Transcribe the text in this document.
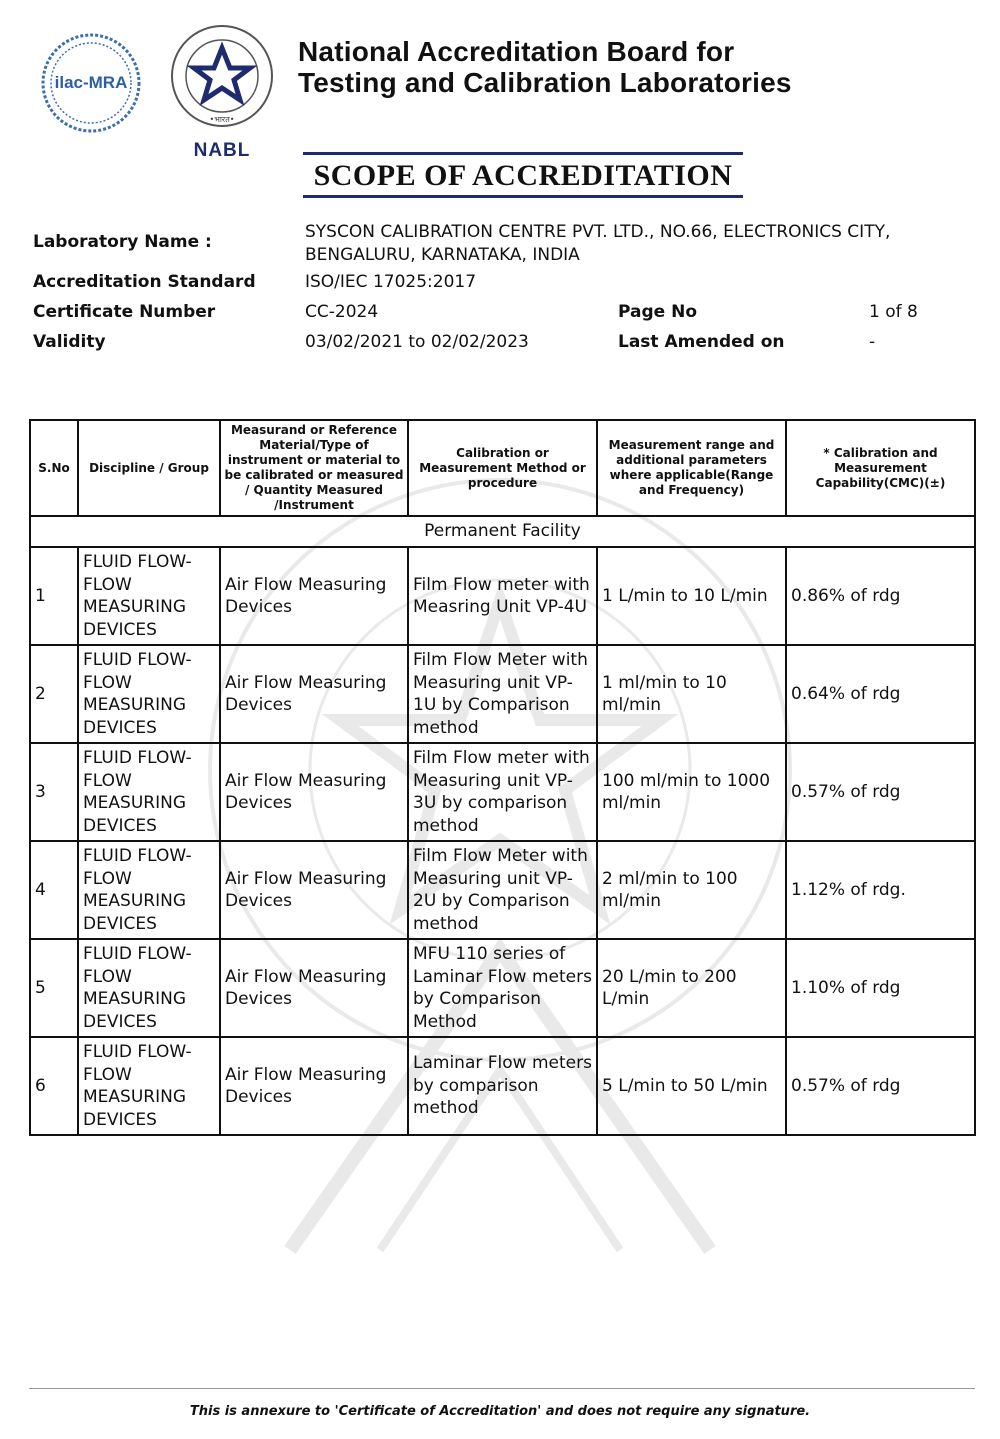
ilac-MRA
•भारत•
NABL
National Accreditation Board for
Testing and Calibration Laboratories
SCOPE OF ACCREDITATION
Laboratory Name :	SYSCON CALIBRATION CENTRE PVT. LTD., NO.66, ELECTRONICS CITY,
BENGALURU, KARNATAKA, INDIA
Accreditation Standard	ISO/IEC 17025:2017
Certificate Number	CC-2024	Page No	1 of 8
Validity	03/02/2021 to 02/02/2023	Last Amended on	-
S.No	Discipline / Group	Measurand or Reference Material/Type of instrument or material to be calibrated or measured / Quantity Measured /Instrument	Calibration or Measurement Method or procedure	Measurement range and additional parameters where applicable(Range and Frequency)	* Calibration and Measurement Capability(CMC)(±)
Permanent Facility					
1	FLUID FLOW- FLOW MEASURING DEVICES	Air Flow Measuring Devices	Film Flow meter with Measring Unit VP-4U	1 L/min to 10 L/min	0.86% of rdg
2	FLUID FLOW- FLOW MEASURING DEVICES	Air Flow Measuring Devices	Film Flow Meter with Measuring unit VP-1U by Comparison method	1 ml/min to 10 ml/min	0.64% of rdg
3	FLUID FLOW- FLOW MEASURING DEVICES	Air Flow Measuring Devices	Film Flow meter with Measuring unit VP-3U by comparison method	100 ml/min to 1000 ml/min	0.57% of rdg
4	FLUID FLOW- FLOW MEASURING DEVICES	Air Flow Measuring Devices	Film Flow Meter with Measuring unit VP-2U by Comparison method	2 ml/min to 100 ml/min	1.12% of rdg.
5	FLUID FLOW- FLOW MEASURING DEVICES	Air Flow Measuring Devices	MFU 110 series of Laminar Flow meters by Comparison Method	20 L/min to 200 L/min	1.10% of rdg
6	FLUID FLOW- FLOW MEASURING DEVICES	Air Flow Measuring Devices	Laminar Flow meters by comparison method	5 L/min to 50 L/min	0.57% of rdg
This is annexure to 'Certificate of Accreditation' and does not require any signature.
